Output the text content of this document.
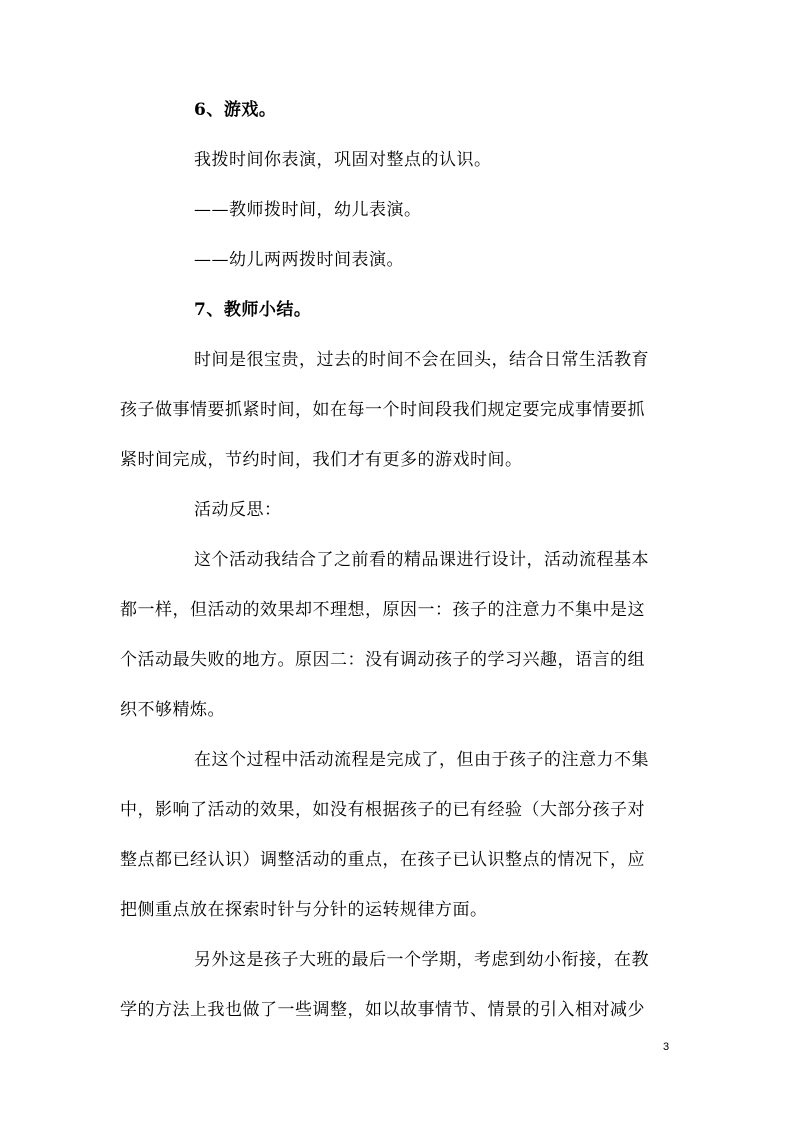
6、游戏。
我拨时间你表演，巩固对整点的认识。
——教师拨时间，幼儿表演。
——幼儿两两拨时间表演。
7、教师小结。
时间是很宝贵，过去的时间不会在回头，结合日常生活教育
孩子做事情要抓紧时间，如在每一个时间段我们规定要完成事情要抓
紧时间完成，节约时间，我们才有更多的游戏时间。
活动反思：
这个活动我结合了之前看的精品课进行设计，活动流程基本
都一样，但活动的效果却不理想，原因一：孩子的注意力不集中是这
个活动最失败的地方。原因二：没有调动孩子的学习兴趣，语言的组
织不够精炼。
在这个过程中活动流程是完成了，但由于孩子的注意力不集
中，影响了活动的效果，如没有根据孩子的已有经验（大部分孩子对
整点都已经认识）调整活动的重点，在孩子已认识整点的情况下，应
把侧重点放在探索时针与分针的运转规律方面。
另外这是孩子大班的最后一个学期，考虑到幼小衔接，在教
学的方法上我也做了一些调整，如以故事情节、情景的引入相对减少
3
